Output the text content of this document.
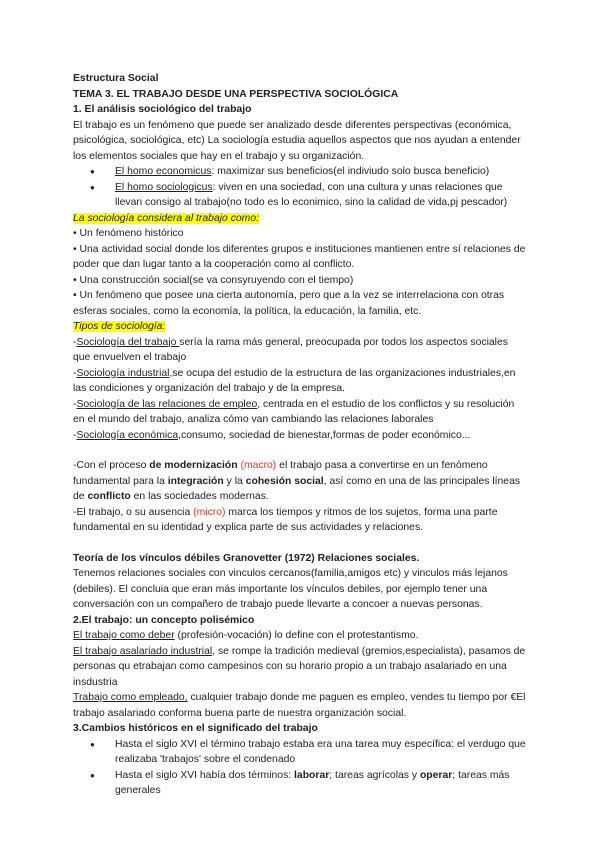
Estructura Social

TEMA 3. EL TRABAJO DESDE UNA PERSPECTIVA SOCIOLÓGICA

1. El análisis sociológico del trabajo

El trabajo es un fenómeno que puede ser analizado desde diferentes perspectivas (económica, psicológica, sociológica, etc) La sociología estudia aquellos aspectos que nos ayudan a entender los elementos sociales que hay en el trabajo y su organización.

● El homo economicus: maximizar sus beneficios(el indiviudo solo busca beneficio)
● El homo sociologicus: viven en una sociedad, con una cultura y unas relaciones que llevan consigo al trabajo(no todo es lo econimico, sino la calidad de vida,pj pescador)

La sociología considera al trabajo como:

• Un fenómeno histórico

• Una actividad social donde los diferentes grupos e instituciones mantienen entre sí relaciones de poder que dan lugar tanto a la cooperación como al conflicto.

• Una construcción social(se va consyruyendo con el tiempo)

• Un fenómeno que posee una cierta autonomía, pero que a la vez se interrelaciona con otras esferas sociales, como la economía, la política, la educación, la familia, etc.

Tipos de sociología:

-Sociología del trabajo sería la rama más general, preocupada por todos los aspectos sociales que envuelven el trabajo

-Sociología industrial,se ocupa del estudio de la estructura de las organizaciones industriales,en las condiciones y organización del trabajo y de la empresa.

-Sociología de las relaciones de empleo, centrada en el estudio de los conflictos y su resolución en el mundo del trabajo, analiza cómo van cambiando las relaciones laborales

-Sociología económica,consumo, sociedad de bienestar,formas de poder económico...

-Con el proceso de modernización (macro) el trabajo pasa a convertirse en un fenómeno fundamental para la integración y la cohesión social, así como en una de las principales líneas de conflicto en las sociedades modernas.

-El trabajo, o su ausencia (micro) marca los tiempos y ritmos de los sujetos, forma una parte fundamental en su identidad y explica parte de sus actividades y relaciones.

Teoría de los vínculos débiles Granovetter (1972) Relaciones sociales.

Tenemos relaciones sociales con vinculos cercanos(familia,amigos etc) y vinculos más lejanos (debiles). El concluia que eran más importante los vínculos debiles, por ejemplo tener una conversación con un compañero de trabajo puede llevarte a concoer a nuevas personas.

2.El trabajo: un concepto polisémico

El trabajo como deber (profesión-vocación) lo define con el protestantismo.

El trabajo asalariado industrial, se rompe la tradición medieval (gremios,especialista), pasamos de personas qu etrabajan como campesinos con su horario propio a un trabajo asalariado en una insdustria

Trabajo como empleado, cualquier trabajo donde me paguen es empleo, vendes tu tiempo por €El trabajo asalariado conforma buena parte de nuestra organización social.

3.Cambios históricos en el significado del trabajo

● Hasta el siglo XVI el término trabajo estaba era una tarea muy específica: el verdugo que realizaba 'trabajos' sobre el condenado
● Hasta el siglo XVI había dos términos: laborar; tareas agrícolas y operar; tareas más generales
